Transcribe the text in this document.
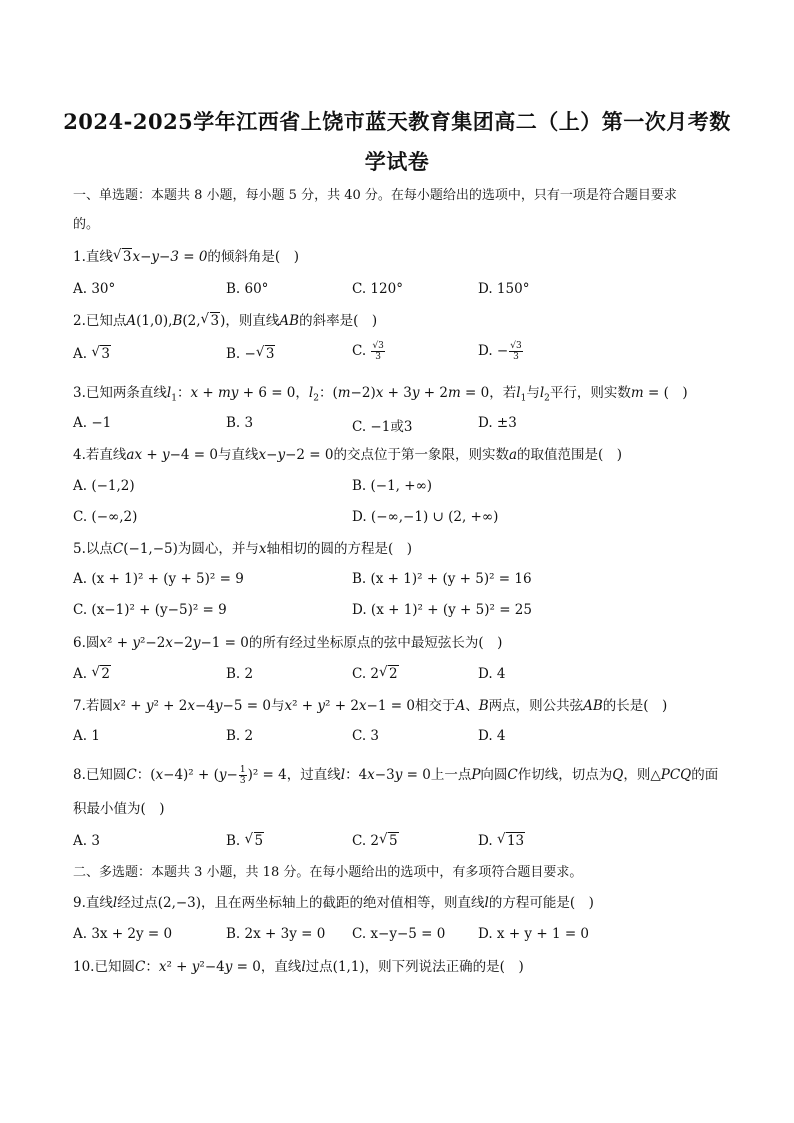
2024-2025学年江西省上饶市蓝天教育集团高二（上）第一次月考数
学试卷
一、单选题：本题共 8 小题，每小题 5 分，共 40 分。在每小题给出的选项中，只有一项是符合题目要求
的。
1.直线 √ 3x−y−3 = 0的倾斜角是(　)
A. 30°	B. 60°	C. 120°	D. 150°
2.已知点A(1,0),B(2, √ 3)，则直线AB的斜率是(　)
A. √ 3	B. − √ 3	C. $\frac{√3}{3}$	D. − $\frac{√3}{3}$
3.已知两条直线$l_1$：x + my + 6 = 0，$l_2$：(m−2)x + 3y + 2m = 0，若$l_1$与$l_2$平行，则实数m = (　)
A. −1	B. 3	C. −1或3	D. ±3
4.若直线ax + y−4 = 0与直线x−y−2 = 0的交点位于第一象限，则实数a的取值范围是(　)
A. (−1,2)	B. (−1, +∞)
C. (−∞,2)	D. (−∞,−1) ∪ (2, +∞)
5.以点C(−1,−5)为圆心，并与x轴相切的圆的方程是(　)
A. (x + 1)² + (y + 5)² = 9	B. (x + 1)² + (y + 5)² = 16
C. (x−1)² + (y−5)² = 9	D. (x + 1)² + (y + 5)² = 25
6.圆x² + y²−2x−2y−1 = 0的所有经过坐标原点的弦中最短弦长为(　)
A. √ 2	B. 2	C. 2 √ 2	D. 4
7.若圆x² + y² + 2x−4y−5 = 0与x² + y² + 2x−1 = 0相交于A、B两点，则公共弦AB的长是(　)
A. 1	B. 2	C. 3	D. 4
8.已知圆C：$(x-4)^2 + (y- \frac{1}{3} )^2 = 4$，过直线l：4x−3y = 0上一点P向圆C作切线，切点为Q，则△PCQ的面
积最小值为(　)
A. 3	B. √ 5	C. 2 √ 5	D. √ 13
二、多选题：本题共 3 小题，共 18 分。在每小题给出的选项中，有多项符合题目要求。
9.直线l经过点(2,−3)，且在两坐标轴上的截距的绝对值相等，则直线l的方程可能是(　)
A. 3x + 2y = 0	B. 2x + 3y = 0 C. x−y−5 = 0 D. x + y + 1 = 0
10.已知圆C：x² + y²−4y = 0，直线l过点(1,1)，则下列说法正确的是(　)
